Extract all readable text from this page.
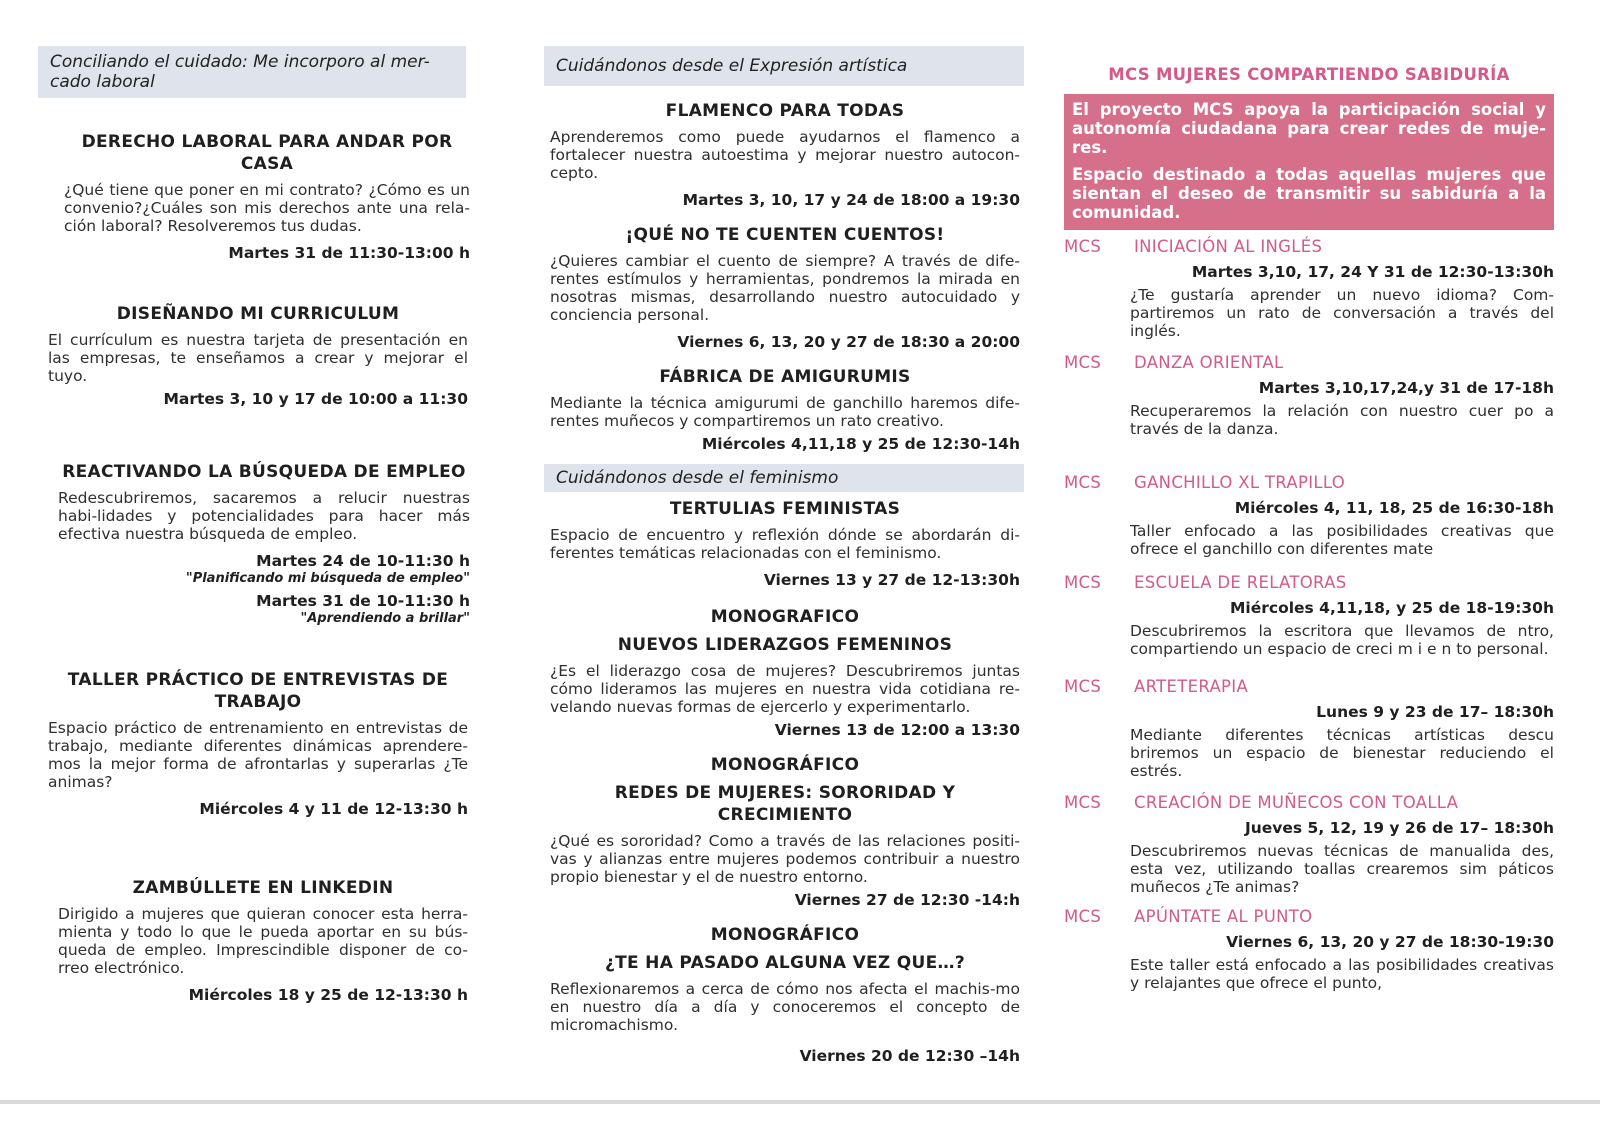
Conciliando el cuidado: Me incorporo al mer-cado laboral
DERECHO LABORAL PARA ANDAR POR CASA
¿Qué tiene que poner en mi contrato? ¿Cómo es un convenio?¿Cuáles son mis derechos ante una rela-ción laboral? Resolveremos tus dudas.
Martes 31 de 11:30-13:00 h
DISEÑANDO MI CURRICULUM
El currículum es nuestra tarjeta de presentación en las empresas, te enseñamos a crear y mejorar el tuyo.
Martes 3, 10 y 17 de 10:00 a 11:30
REACTIVANDO LA BÚSQUEDA DE EMPLEO
Redescubriremos, sacaremos a relucir nuestras habi-lidades y potencialidades para hacer más efectiva nuestra búsqueda de empleo.
Martes 24 de 10-11:30 h
"Planificando mi búsqueda de empleo"
Martes 31 de 10-11:30 h
"Aprendiendo a brillar"
TALLER PRÁCTICO DE ENTREVISTAS DE TRABAJO
Espacio práctico de entrenamiento en entrevistas de trabajo, mediante diferentes dinámicas aprendere-mos la mejor forma de afrontarlas y superarlas ¿Te animas?
Miércoles 4 y 11 de 12-13:30 h
ZAMBÚLLETE EN LINKEDIN
Dirigido a mujeres que quieran conocer esta herra-mienta y todo lo que le pueda aportar en su bús-queda de empleo. Imprescindible disponer de co-rreo electrónico.
Miércoles 18 y 25 de 12-13:30 h
Cuidándonos desde el Expresión artística
FLAMENCO PARA TODAS
Aprenderemos como puede ayudarnos el flamenco a fortalecer nuestra autoestima y mejorar nuestro autocon-cepto.
Martes 3, 10, 17 y 24 de 18:00 a 19:30
¡QUÉ NO TE CUENTEN CUENTOS!
¿Quieres cambiar el cuento de siempre? A través de dife-rentes estímulos y herramientas, pondremos la mirada en nosotras mismas, desarrollando nuestro autocuidado y conciencia personal.
Viernes 6, 13, 20 y 27 de 18:30 a 20:00
FÁBRICA DE AMIGURUMIS
Mediante la técnica amigurumi de ganchillo haremos dife-rentes muñecos y compartiremos un rato creativo.
Miércoles 4,11,18 y 25 de 12:30-14h
Cuidándonos desde el feminismo
TERTULIAS FEMINISTAS
Espacio de encuentro y reflexión dónde se abordarán di-ferentes temáticas relacionadas con el feminismo.
Viernes 13 y 27 de 12-13:30h
MONOGRAFICO
NUEVOS LIDERAZGOS FEMENINOS
¿Es el liderazgo cosa de mujeres? Descubriremos juntas cómo lideramos las mujeres en nuestra vida cotidiana re-velando nuevas formas de ejercerlo y experimentarlo.
Viernes 13 de 12:00 a 13:30
MONOGRÁFICO
REDES DE MUJERES: SORORIDAD Y CRECIMIENTO
¿Qué es sororidad? Como a través de las relaciones positi-vas y alianzas entre mujeres podemos contribuir a nuestro propio bienestar y el de nuestro entorno.
Viernes 27 de 12:30 -14:h
MONOGRÁFICO
¿TE HA PASADO ALGUNA VEZ QUE…?
Reflexionaremos a cerca de cómo nos afecta el machis-mo en nuestro día a día y conoceremos el concepto de micromachismo.
Viernes 20 de 12:30 –14h
MCS MUJERES COMPARTIENDO SABIDURÍA

El proyecto MCS apoya la participación social y autonomía ciudadana para crear redes de muje-res.

Espacio destinado a todas aquellas mujeres que sientan el deseo de transmitir su sabiduría a la comunidad.

MCS	INICIACIÓN AL INGLÉS
Martes 3,10, 17, 24 Y 31 de 12:30-13:30h
¿Te gustaría aprender un nuevo idioma? Com-partiremos un rato de conversación a través del inglés.
MCS	DANZA ORIENTAL
Martes 3,10,17,24,y 31 de 17-18h
Recuperaremos la relación con nuestro cuer po a través de la danza.
MCS	GANCHILLO XL TRAPILLO
Miércoles 4, 11, 18, 25 de 16:30-18h
Taller enfocado a las posibilidades creativas que ofrece el ganchillo con diferentes mate
MCS	ESCUELA DE RELATORAS
Miércoles 4,11,18, y 25 de 18-19:30h
Descubriremos la escritora que llevamos de ntro, compartiendo un espacio de creci m i e n to personal.
MCS	ARTETERAPIA
Lunes 9 y 23 de 17– 18:30h
Mediante diferentes técnicas artísticas descu briremos un espacio de bienestar reduciendo el estrés.
MCS	CREACIÓN DE MUÑECOS CON TOALLA
Jueves 5, 12, 19 y 26 de 17– 18:30h
Descubriremos nuevas técnicas de manualida des, esta vez, utilizando toallas crearemos sim páticos muñecos ¿Te animas?
MCS	APÚNTATE AL PUNTO
Viernes 6, 13, 20 y 27 de 18:30-19:30
Este taller está enfocado a las posibilidades creativas y relajantes que ofrece el punto,
